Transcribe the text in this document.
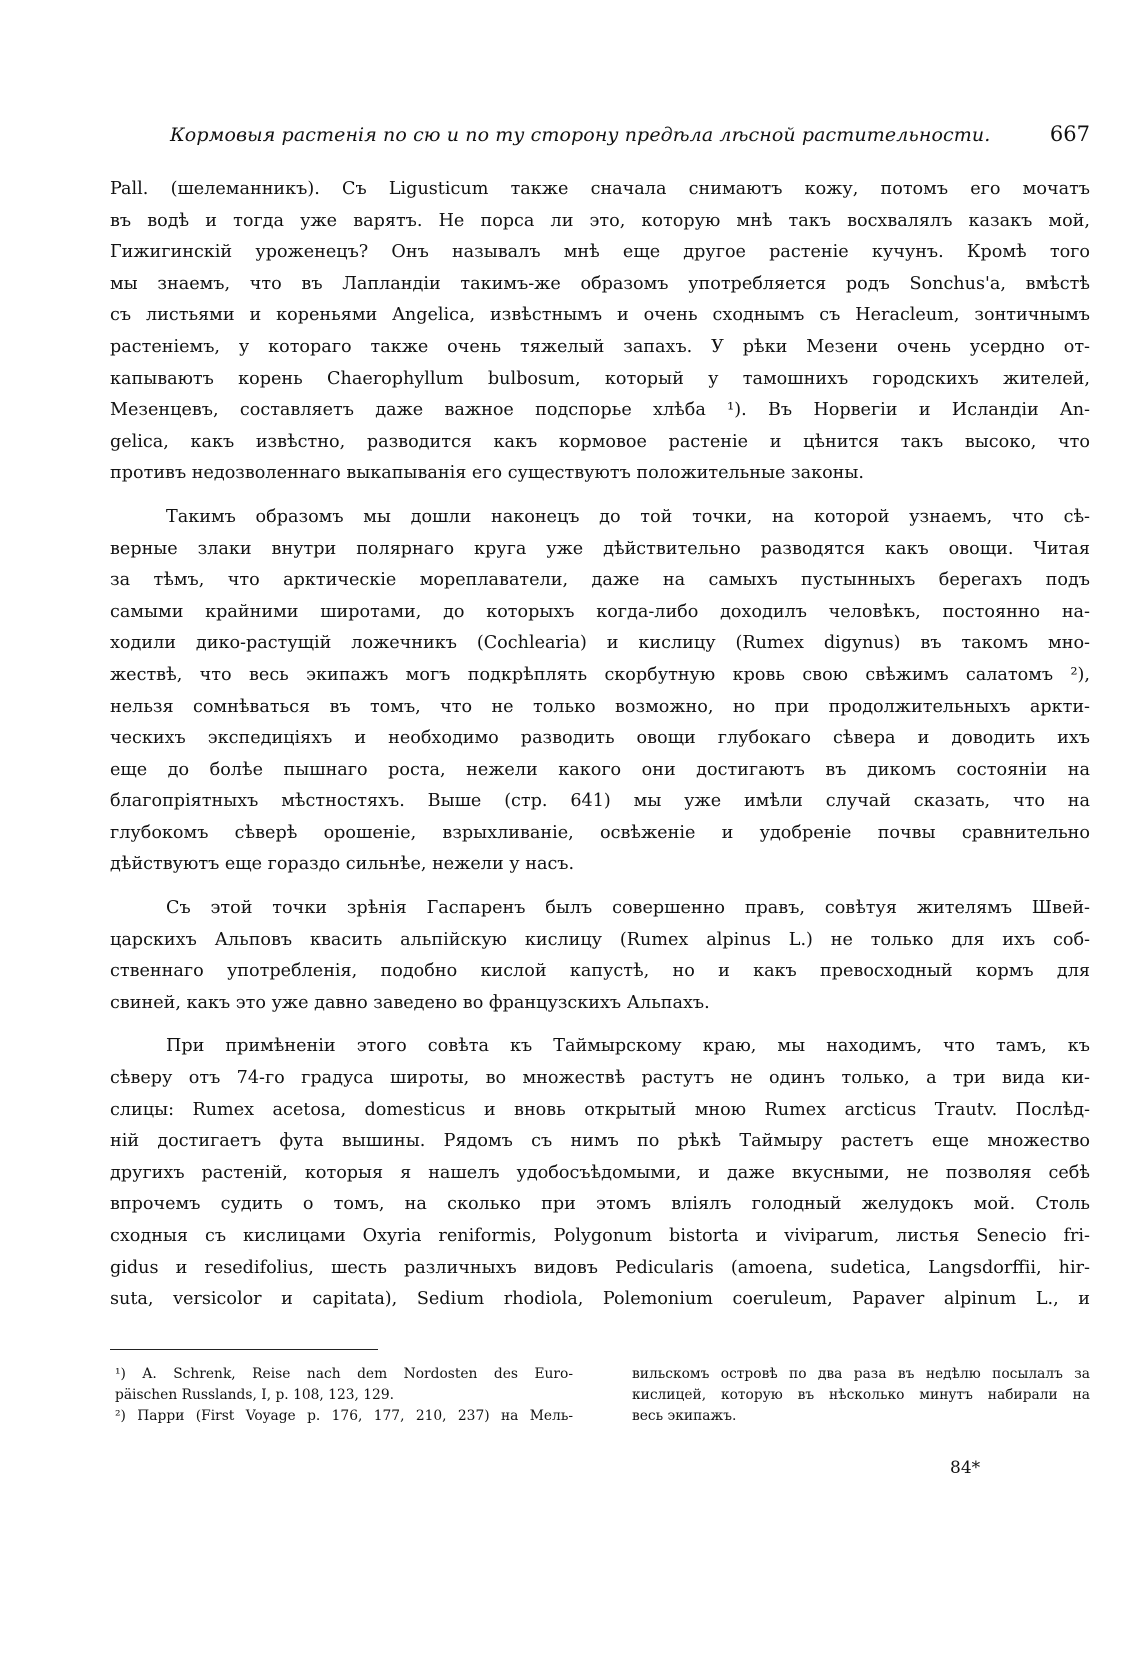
Кормовыя растенія по сю и по ту сторону предѣла лѣсной растительности.	667
Pall. (шелеманникъ). Съ Ligusticum также сначала снимаютъ кожу, потомъ его мочатъ
въ водѣ и тогда уже варятъ. Не порса ли это, которую мнѣ такъ восхвалялъ казакъ мой,
Гижигинскій уроженецъ? Онъ называлъ мнѣ еще другое растеніе кучунъ. Кромѣ того
мы знаемъ, что въ Лапландіи такимъ-же образомъ употребляется родъ Sonchus'а, вмѣстѣ
съ листьями и кореньями Angelica, извѣстнымъ и очень сходнымъ съ Heracleum, зонтичнымъ
растеніемъ, у котораго также очень тяжелый запахъ. У рѣки Мезени очень усердно от-
капываютъ корень Chaerophyllum bulbosum, который у тамошнихъ городскихъ жителей,
Мезенцевъ, составляетъ даже важное подспорье хлѣба ¹). Въ Норвегіи и Исландіи An-
gelica, какъ извѣстно, разводится какъ кормовое растеніе и цѣнится такъ высоко, что
противъ недозволеннаго выкапыванія его существуютъ положительные законы.
Такимъ образомъ мы дошли наконецъ до той точки, на которой узнаемъ, что сѣ-
верные злаки внутри полярнаго круга уже дѣйствительно разводятся какъ овощи. Читая
за тѣмъ, что арктическіе мореплаватели, даже на самыхъ пустынныхъ берегахъ подъ
самыми крайними широтами, до которыхъ когда-либо доходилъ человѣкъ, постоянно на-
ходили дико-растущій ложечникъ (Cochlearia) и кислицу (Rumex digynus) въ такомъ мно-
жествѣ, что весь экипажъ могъ подкрѣплять скорбутную кровь свою свѣжимъ салатомъ ²),
нельзя сомнѣваться въ томъ, что не только возможно, но при продолжительныхъ аркти-
ческихъ экспедиціяхъ и необходимо разводить овощи глубокаго сѣвера и доводить ихъ
еще до болѣе пышнаго роста, нежели какого они достигаютъ въ дикомъ состояніи на
благопріятныхъ мѣстностяхъ. Выше (стр. 641) мы уже имѣли случай сказать, что на
глубокомъ сѣверѣ орошеніе, взрыхливаніе, освѣженіе и удобреніе почвы сравнительно
дѣйствуютъ еще гораздо сильнѣе, нежели у насъ.
Съ этой точки зрѣнія Гаспаренъ былъ совершенно правъ, совѣтуя жителямъ Швей-
царскихъ Альповъ квасить альпійскую кислицу (Rumex alpinus L.) не только для ихъ соб-
ственнаго употребленія, подобно кислой капустѣ, но и какъ превосходный кормъ для
свиней, какъ это уже давно заведено во французскихъ Альпахъ.
При примѣненіи этого совѣта къ Таймырскому краю, мы находимъ, что тамъ, къ
сѣверу отъ 74-го градуса широты, во множествѣ растутъ не одинъ только, а три вида ки-
слицы: Rumex acetosa, domesticus и вновь открытый мною Rumex arcticus Trautv. Послѣд-
ній достигаетъ фута вышины. Рядомъ съ нимъ по рѣкѣ Таймыру растетъ еще множество
другихъ растеній, которыя я нашелъ удобосъѣдомыми, и даже вкусными, не позволяя себѣ
впрочемъ судить о томъ, на сколько при этомъ вліялъ голодный желудокъ мой. Столь
сходныя съ кислицами Oxyria reniformis, Polygonum bistorta и viviparum, листья Senecio fri-
gidus и resedifolius, шесть различныхъ видовъ Pedicularis (amoena, sudetica, Langsdorffii, hir-
suta, versicolor и capitata), Sedium rhodiola, Polemonium coeruleum, Papaver alpinum L., и
¹) A. Schrenk, Reise nach dem Nordosten des Euro-
päischen Russlands, I, p. 108, 123, 129.
²) Парри (First Voyage p. 176, 177, 210, 237) на Мель-
вильскомъ островѣ по два раза въ недѣлю посылалъ за
кислицей, которую въ нѣсколько минутъ набирали на
весь экипажъ.
84*
